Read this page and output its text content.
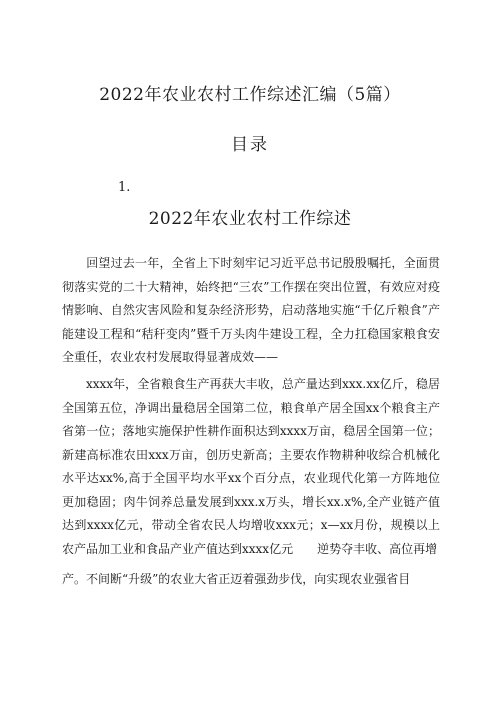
2022年农业农村工作综述汇编（5篇）
目录
1.
2022年农业农村工作综述

回望过去一年，全省上下时刻牢记习近平总书记殷殷嘱托，全面贯彻落实党的二十大精神，始终把“三农”工作摆在突出位置，有效应对疫情影响、自然灾害风险和复杂经济形势，启动落地实施“千亿斤粮食”产能建设工程和“秸秆变肉”暨千万头肉牛建设工程，全力扛稳国家粮食安全重任，农业农村发展取得显著成效——

xxxx年，全省粮食生产再获大丰收，总产量达到xxx.xx亿斤，稳居全国第五位，净调出量稳居全国第二位，粮食单产居全国xx个粮食主产省第一位；落地实施保护性耕作面积达到xxxx万亩，稳居全国第一位；新建高标准农田xxx万亩，创历史新高；主要农作物耕种收综合机械化水平达xx%,高于全国平均水平xx个百分点，农业现代化第一方阵地位更加稳固；肉牛饲养总量发展到xxx.x万头，增长xx.x%,全产业链产值达到xxxx亿元，带动全省农民人均增收xxx元；x—xx月份，规模以上农产品加工业和食品产业产值达到xxxx亿元　　逆势夺丰收、高位再增

产。不间断“升级”的农业大省正迈着强劲步伐，向实现农业强省目
